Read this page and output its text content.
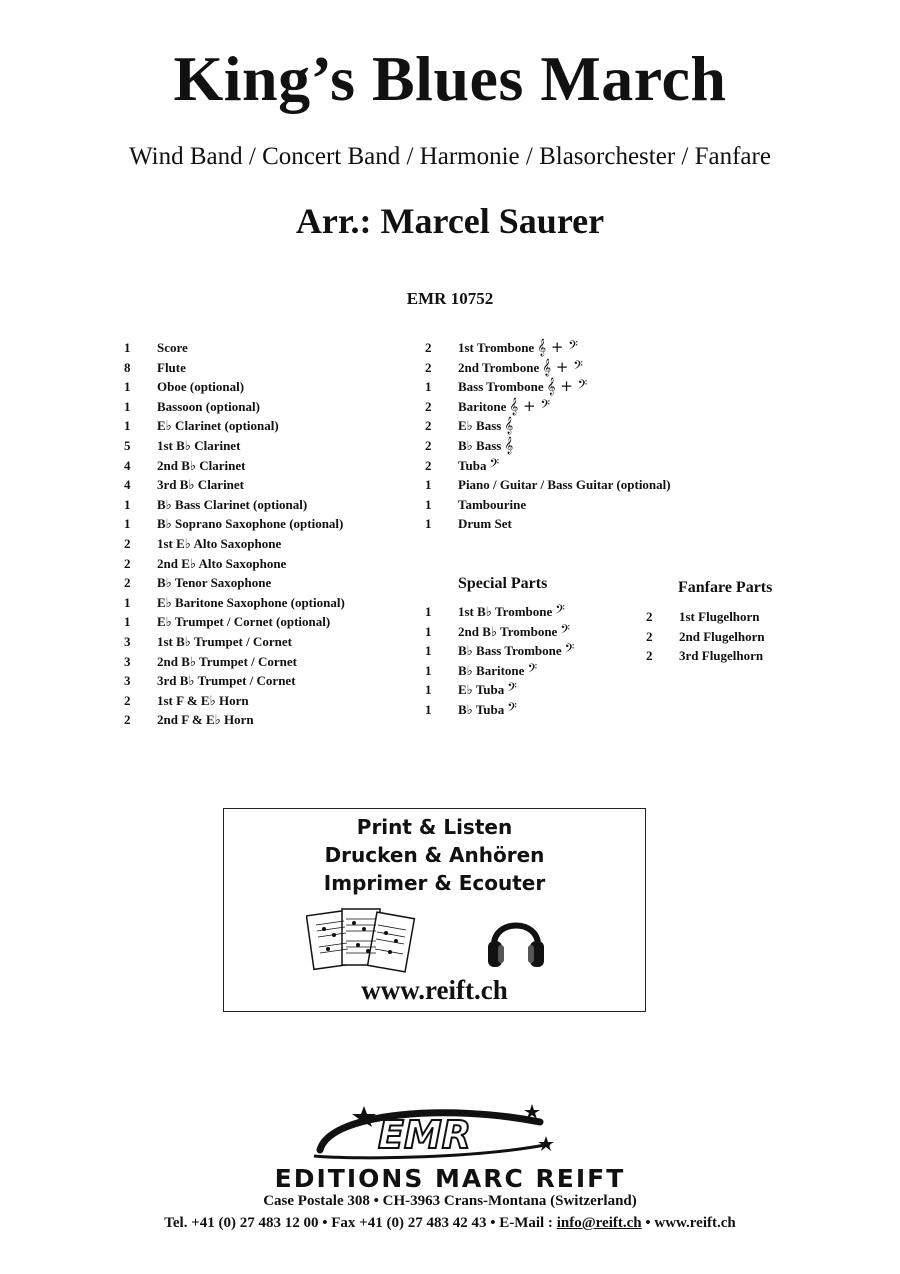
King’s Blues March
Wind Band / Concert Band / Harmonie / Blasorchester / Fanfare
Arr.: Marcel Saurer
EMR 10752
1	Score
8	Flute
1	Oboe (optional)
1	Bassoon (optional)
1	E♭ Clarinet (optional)
5	1st B♭ Clarinet
4	2nd B♭ Clarinet
4	3rd B♭ Clarinet
1	B♭ Bass Clarinet (optional)
1	B♭ Soprano Saxophone (optional)
2	1st E♭ Alto Saxophone
2	2nd E♭ Alto Saxophone
2	B♭ Tenor Saxophone
1	E♭ Baritone Saxophone (optional)
1	E♭ Trumpet / Cornet (optional)
3	1st B♭ Trumpet / Cornet
3	2nd B♭ Trumpet / Cornet
3	3rd B♭ Trumpet / Cornet
2	1st F & E♭ Horn
2	2nd F & E♭ Horn
2	1st Trombone 𝄞 + 𝄢
2	2nd Trombone 𝄞 + 𝄢
1	Bass Trombone 𝄞 + 𝄢
2	Baritone 𝄞 + 𝄢
2	E♭ Bass 𝄞
2	B♭ Bass 𝄞
2	Tuba 𝄢
1	Piano / Guitar / Bass Guitar (optional)
1	Tambourine
1	Drum Set
Special Parts
1	1st B♭ Trombone 𝄢
1	2nd B♭ Trombone 𝄢
1	B♭ Bass Trombone 𝄢
1	B♭ Baritone 𝄢
1	E♭ Tuba 𝄢
1	B♭ Tuba 𝄢
Fanfare Parts
2	1st Flugelhorn
2	2nd Flugelhorn
2	3rd Flugelhorn
Print & Listen
Drucken & Anhören
Imprimer & Ecouter
www.reift.ch
EMR
EDITIONS MARC REIFT
Case Postale 308 • CH-3963 Crans-Montana (Switzerland)
Tel. +41 (0) 27 483 12 00 • Fax +41 (0) 27 483 42 43 • E-Mail : info@reift.ch • www.reift.ch
